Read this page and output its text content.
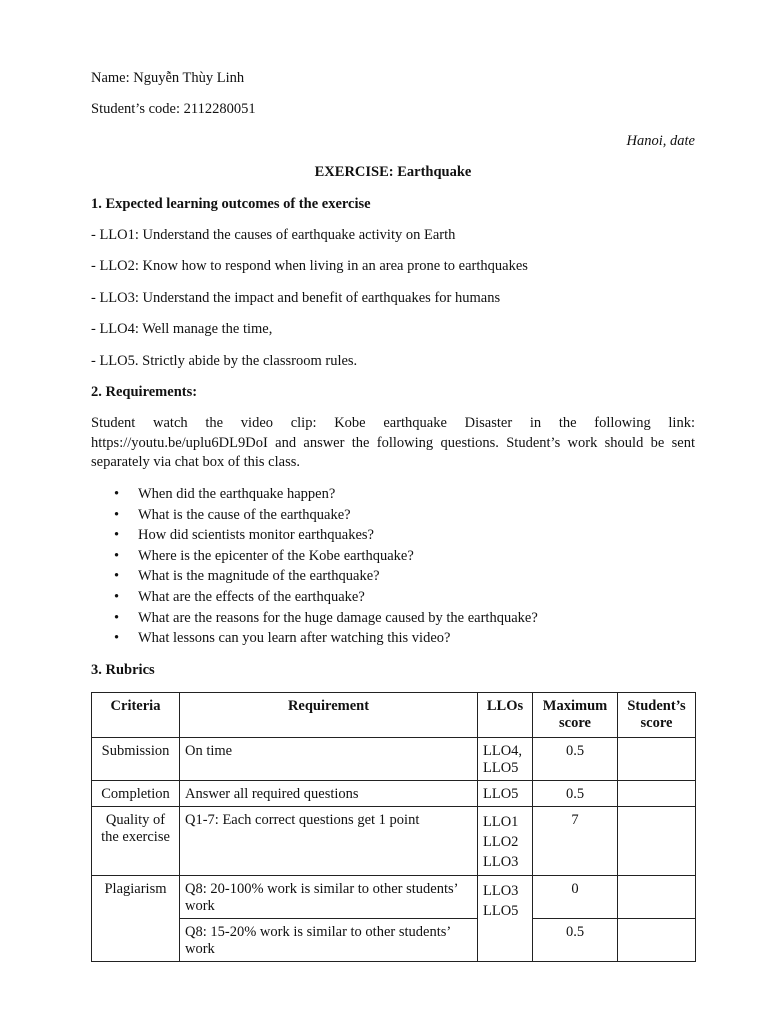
Name: Nguyễn Thùy Linh
Student’s code: 2112280051
Hanoi, date
EXERCISE: Earthquake
1. Expected learning outcomes of the exercise
- LLO1: Understand the causes of earthquake activity on Earth
- LLO2: Know how to respond when living in an area prone to earthquakes
- LLO3: Understand the impact and benefit of earthquakes for humans
- LLO4: Well manage the time,
- LLO5. Strictly abide by the classroom rules.
2. Requirements:
Student watch the video clip: Kobe earthquake Disaster in the following link: https://youtu.be/uplu6DL9DoI and answer the following questions. Student’s work should be sent separately via chat box of this class.
• When did the earthquake happen?
• What is the cause of the earthquake?
• How did scientists monitor earthquakes?
• Where is the epicenter of the Kobe earthquake?
• What is the magnitude of the earthquake?
• What are the effects of the earthquake?
• What are the reasons for the huge damage caused by the earthquake?
• What lessons can you learn after watching this video?
3. Rubrics
Criteria	Requirement	LLOs	Maximum score	Student’s score
Submission	On time	LLO4,
LLO5	0.5	
Completion	Answer all required questions	LLO5	0.5	
Quality of the exercise	Q1-7: Each correct questions get 1 point	LLO1
LLO2
LLO3	7	
Plagiarism	Q8: 20-100% work is similar to other students’ work	LLO3
LLO5	0	
	Q8: 15-20% work is similar to other students’ work		0.5	
